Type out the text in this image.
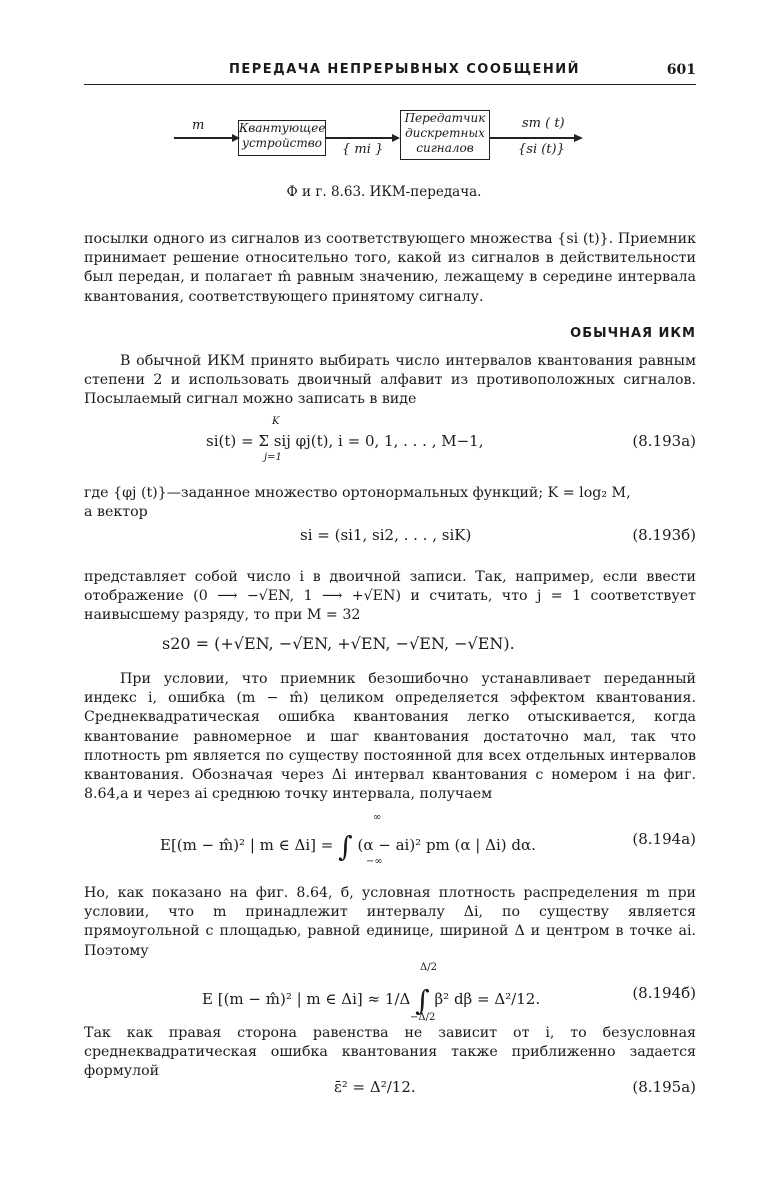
ПЕРЕДАЧА НЕПРЕРЫВНЫХ СООБЩЕНИЙ	601
m	Квантующее
устройство { mi }
Передатчик
дискретных
сигналов
sm ( t)
{si (t)}
Ф и г. 8.63. ИКМ-передача.

посылки одного из сигналов из соответствующего множества {si (t)}. Приемник принимает решение относительно того, какой из сигналов в действительности был передан, и полагает m̂ равным значению, лежащему в середине интервала квантования, соответствующего принятому сигналу.

ОБЫЧНАЯ ИКМ

В обычной ИКМ принято выбирать число интервалов квантования равным степени 2 и использовать двоичный алфавит из противоположных сигналов. Посылаемый сигнал можно записать в виде

si(t) = Σ sij φj(t), i = 0, 1, . . . , M−1,
K
j=1
(8.193а)

где {φj (t)}—заданное множество ортонормальных функций; K = log₂ M,

а вектор

si = (si1, si2, . . . , siK)	(8.193б)

представляет собой число i в двоичной записи. Так, например, если ввести отображение (0 ⟶ −√EN, 1 ⟶ +√EN) и считать, что j = 1 соответствует наивысшему разряду, то при M = 32

s20 = (+√EN, −√EN, +√EN, −√EN, −√EN).

При условии, что приемник безошибочно устанавливает переданный индекс i, ошибка (m − m̂) целиком определяется эффектом квантования. Среднеквадратическая ошибка квантования легко отыскивается, когда квантование равномерное и шаг квантования достаточно мал, так что плотность pm является по существу постоянной для всех отдельных интервалов квантования. Обозначая через Δi интервал квантования с номером i на фиг. 8.64,а и через ai среднюю точку интервала, получаем

E[(m − m̂)² | m ∈ Δi] = ∫ (α − ai)² pm (α | Δi) dα.
∞
−∞
(8.194а)

Но, как показано на фиг. 8.64, б, условная плотность распределения m при условии, что m принадлежит интервалу Δi, по существу является прямоугольной с площадью, равной единице, шириной Δ и центром в точке ai. Поэтому

E [(m − m̂)² | m ∈ Δi] ≈ 1/Δ ∫ β² dβ = Δ²/12.
Δ/2
−Δ/2
(8.194б)

Так как правая сторона равенства не зависит от i, то безусловная среднеквадратическая ошибка квантования также приближенно задается формулой

ε̄² = Δ²/12.	(8.195а)
